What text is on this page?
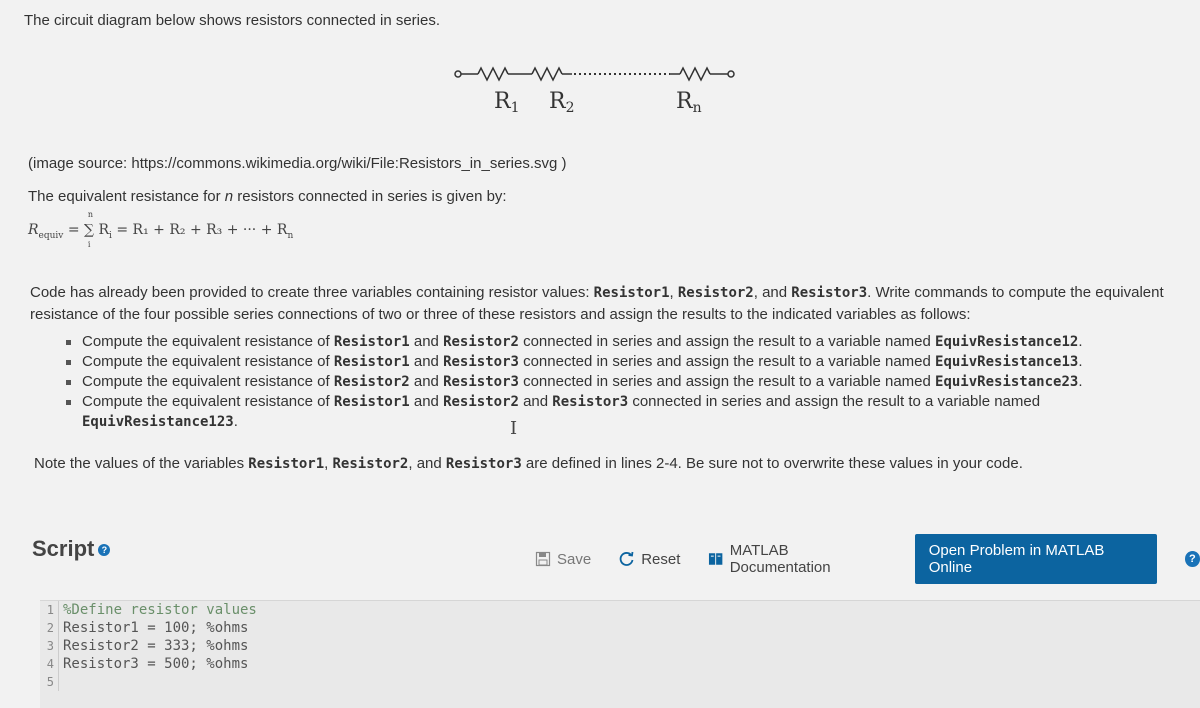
The circuit diagram below shows resistors connected in series.

R1 R2	Rn

(image source: https://commons.wikimedia.org/wiki/File:Resistors_in_series.svg )

The equivalent resistance for n resistors connected in series is given by:

$R_{equiv}$
n
= ∑ $R_i$
i
= R₁ + R₂ + R₃ + ··· + $R_n$

Code has already been provided to create three variables containing resistor values: Resistor1, Resistor2, and Resistor3. Write commands to compute the equivalent resistance of the four possible series connections of two or three of these resistors and assign the results to the indicated variables as follows:

Compute the equivalent resistance of Resistor1 and Resistor2 connected in series and assign the result to a variable named EquivResistance12.
Compute the equivalent resistance of Resistor1 and Resistor3 connected in series and assign the result to a variable named EquivResistance13.
Compute the equivalent resistance of Resistor2 and Resistor3 connected in series and assign the result to a variable named EquivResistance23.
Compute the equivalent resistance of Resistor1 and Resistor2 and Resistor3 connected in series and assign the result to a variable named
EquivResistance123.	I

Note the values of the variables Resistor1, Resistor2, and Resistor3 are defined in lines 2-4. Be sure not to overwrite these values in your code.

Script ?
Save	Reset	MATLAB Documentation
Open Problem in MATLAB Online	?
1 %Define resistor values
2 Resistor1 = 100; %ohms
3 Resistor2 = 333; %ohms
4 Resistor3 = 500; %ohms
5
